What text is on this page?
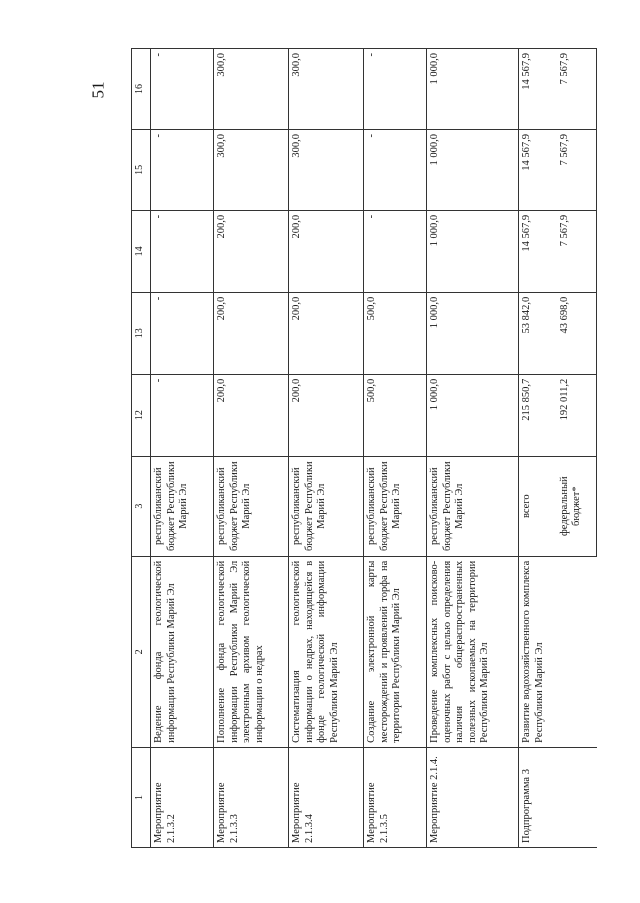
51
1	2	3	12	13	14	15	16
Мероприятие 2.1.3.2	Ведение фонда геологической информации Республики Марий Эл	республиканский бюджет Республики Марий Эл	-	-	-	-	-
Мероприятие 2.1.3.3	Пополнение фонда геологической информации Республики Марий Эл электронным архивом геологической информации о недрах	республиканский бюджет Республики Марий Эл	200,0	200,0	200,0	300,0	300,0
Мероприятие 2.1.3.4	Систематизация геологической информации о недрах, находящейся в фонде геологической информации Республики Марий Эл	республиканский бюджет Республики Марий Эл	200,0	200,0	200,0	300,0	300,0
Мероприятие 2.1.3.5	Создание электронной карты месторождений и проявлений торфа на территории Республики Марий Эл	республиканский бюджет Республики Марий Эл	500,0	500,0	-	-	-
Мероприятие 2.1.4.	Проведение комплексных поисково-оценочных работ с целью определения наличия общераспространенных полезных ископаемых на территории Республики Марий Эл	республиканский бюджет Республики Марий Эл	1 000,0	1 000,0	1 000,0	1 000,0	1 000,0
Подпрограмма 3	Развитие водохозяйственного комплекса Республики Марий Эл	всего	215 850,7	53 842,0	14 567,9	14 567,9	14 567,9
		федеральный бюджет*	192 011,2	43 698,0	7 567,9	7 567,9	7 567,9
